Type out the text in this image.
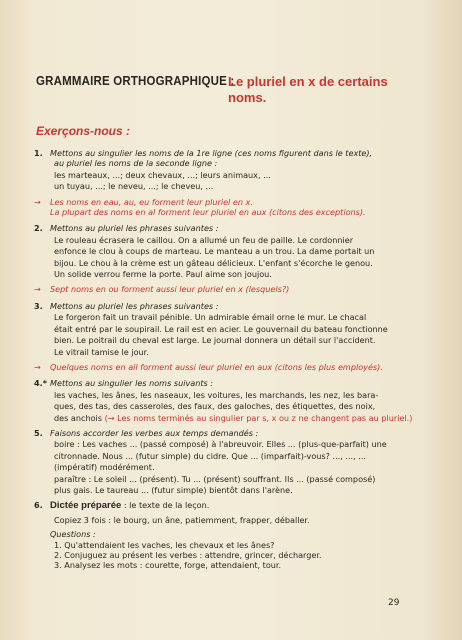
GRAMMAIRE ORTHOGRAPHIQUE :
Le pluriel en x de certains noms.
Exerçons-nous :
1. Mettons au singulier les noms de la 1re ligne (ces noms figurent dans le texte),
au pluriel les noms de la seconde ligne :
les marteaux, ...; deux chevaux, ...; leurs animaux, ...
un tuyau, ...; le neveu, ...; le cheveu, ...
→ Les noms en eau, au, eu forment leur pluriel en x.
La plupart des noms en al forment leur pluriel en aux (citons des exceptions).
2. Mettons au pluriel les phrases suivantes :
Le rouleau écrasera le caillou. On a allumé un feu de paille. Le cordonnier
enfonce le clou à coups de marteau. Le manteau a un trou. La dame portait un
bijou. Le chou à la crème est un gâteau délicieux. L'enfant s'écorche le genou.
Un solide verrou ferme la porte. Paul aime son joujou.
→ Sept noms en ou forment aussi leur pluriel en x (lesquels?)
3. Mettons au pluriel les phrases suivantes :
Le forgeron fait un travail pénible. Un admirable émail orne le mur. Le chacal
était entré par le soupirail. Le rail est en acier. Le gouvernail du bateau fonctionne
bien. Le poitrail du cheval est large. Le journal donnera un détail sur l'accident.
Le vitrail tamise le jour.
→ Quelques noms en ail forment aussi leur pluriel en aux (citons les plus employés).
4.* Mettons au singulier les noms suivants :
les vaches, les ânes, les naseaux, les voitures, les marchands, les nez, les bara-
ques, des tas, des casseroles, des faux, des galoches, des étiquettes, des noix,
des anchois (→ Les noms terminés au singulier par s, x ou z ne changent pas au pluriel.)
5. Faisons accorder les verbes aux temps demandés :
boire : Les vaches ... (passé composé) à l'abreuvoir. Elles ... (plus-que-parfait) une
citronnade. Nous ... (futur simple) du cidre. Que ... (imparfait)-vous? ..., ..., ...
(impératif) modérément.
paraître : Le soleil ... (présent). Tu ... (présent) souffrant. Ils ... (passé composé)
plus gais. Le taureau ... (futur simple) bientôt dans l'arène.
6. Dictée préparée : le texte de la leçon.
Copiez 3 fois : le bourg, un âne, patiemment, frapper, déballer.
Questions :
1. Qu'attendaient les vaches, les chevaux et les ânes?
2. Conjuguez au présent les verbes : attendre, grincer, décharger.
3. Analysez les mots : courette, forge, attendaient, tour.
29
